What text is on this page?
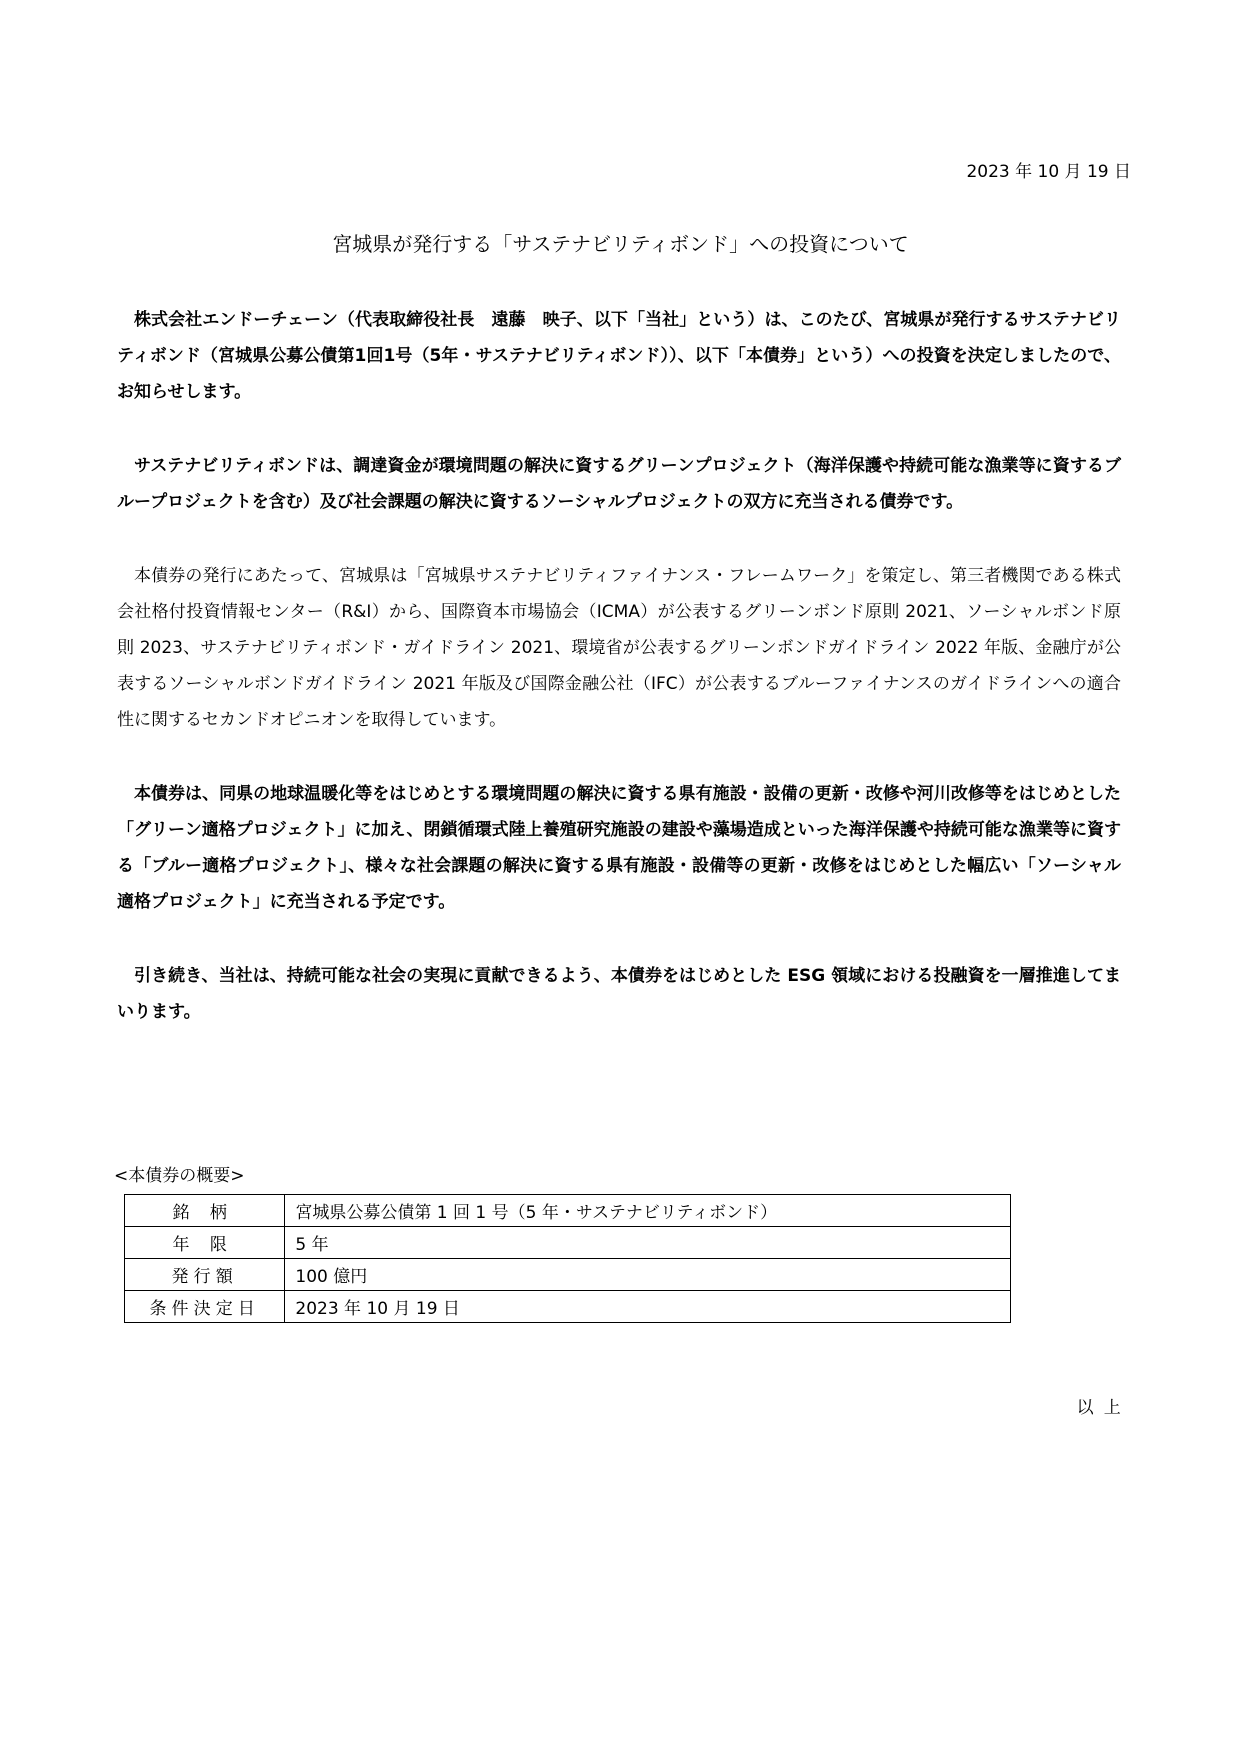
2023 年 10 月 19 日
宮城県が発行する「サステナビリティボンド」への投資について

株式会社エンドーチェーン（代表取締役社長　遠藤　映子、以下「当社」という）は、このたび、宮城県が発行するサステナビリティボンド（宮城県公募公債第1回1号（5年・サステナビリティボンド））、以下「本債券」という）への投資を決定しましたので、お知らせします。

サステナビリティボンドは、調達資金が環境問題の解決に資するグリーンプロジェクト（海洋保護や持続可能な漁業等に資するブループロジェクトを含む）及び社会課題の解決に資するソーシャルプロジェクトの双方に充当される債券です。

本債券の発行にあたって、宮城県は「宮城県サステナビリティファイナンス・フレームワーク」を策定し、第三者機関である株式会社格付投資情報センター（R&I）から、国際資本市場協会（ICMA）が公表するグリーンボンド原則 2021、ソーシャルボンド原則 2023、サステナビリティボンド・ガイドライン 2021、環境省が公表するグリーンボンドガイドライン 2022 年版、金融庁が公表するソーシャルボンドガイドライン 2021 年版及び国際金融公社（IFC）が公表するブルーファイナンスのガイドラインへの適合性に関するセカンドオピニオンを取得しています。

本債券は、同県の地球温暖化等をはじめとする環境問題の解決に資する県有施設・設備の更新・改修や河川改修等をはじめとした「グリーン適格プロジェクト」に加え、閉鎖循環式陸上養殖研究施設の建設や藻場造成といった海洋保護や持続可能な漁業等に資する「ブルー適格プロジェクト」、様々な社会課題の解決に資する県有施設・設備等の更新・改修をはじめとした幅広い「ソーシャル適格プロジェクト」に充当される予定です。

引き続き、当社は、持続可能な社会の実現に貢献できるよう、本債券をはじめとした ESG 領域における投融資を一層推進してまいります。

<本債券の概要>
銘柄	宮城県公募公債第 1 回 1 号（5 年・サステナビリティボンド）
年限	5 年
発行額	100 億円
条件決定日	2023 年 10 月 19 日
以上
